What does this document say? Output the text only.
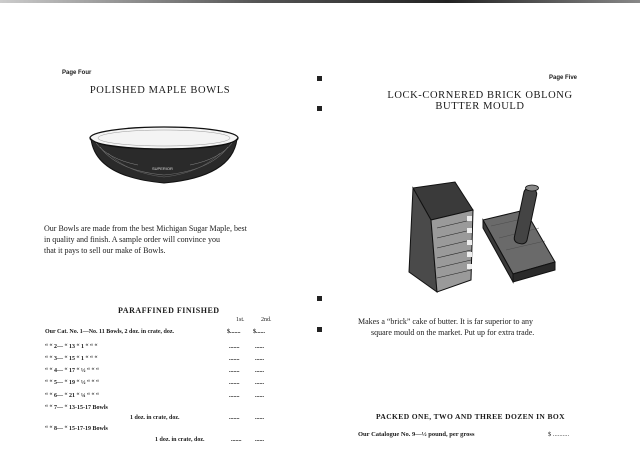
Page Four
POLISHED MAPLE BOWLS
SUPERIOR
Our Bowls are made from the best Michigan Sugar Maple, best
in quality and finish. A sample order will convince you
that it pays to sell our make of Bowls.
PARAFFINED FINISHED
1st.	2nd.
Our Cat. No. 1—No. 11 Bowls, 2 doz. in crate, doz.	$....... $......
“ “ 2— “ 13 “ 1 “ “ “	.......	......
“ “ 3— “ 15 “ 1 “ “ “	.......	......
“ “ 4— “ 17 “ ½ “ “ “	.......	......
“ “ 5— “ 19 “ ½ “ “ “	.......	......
“ “ 6— “ 21 “ ¼ “ “ “	.......	......
“ “ 7— “ 13-15-17 Bowls
1 doz. in crate, doz.	.......	......
“ “ 8— “ 15-17-19 Bowls
1 doz. in crate, doz.	....... ......
Page Five
LOCK-CORNERED BRICK OBLONG
BUTTER MOULD
Makes a “brick” cake of butter. It is far superior to any
square mould on the market. Put up for extra trade.
PACKED ONE, TWO AND THREE DOZEN IN BOX
Our Catalogue No. 9—½ pound, per gross	$ ..........
